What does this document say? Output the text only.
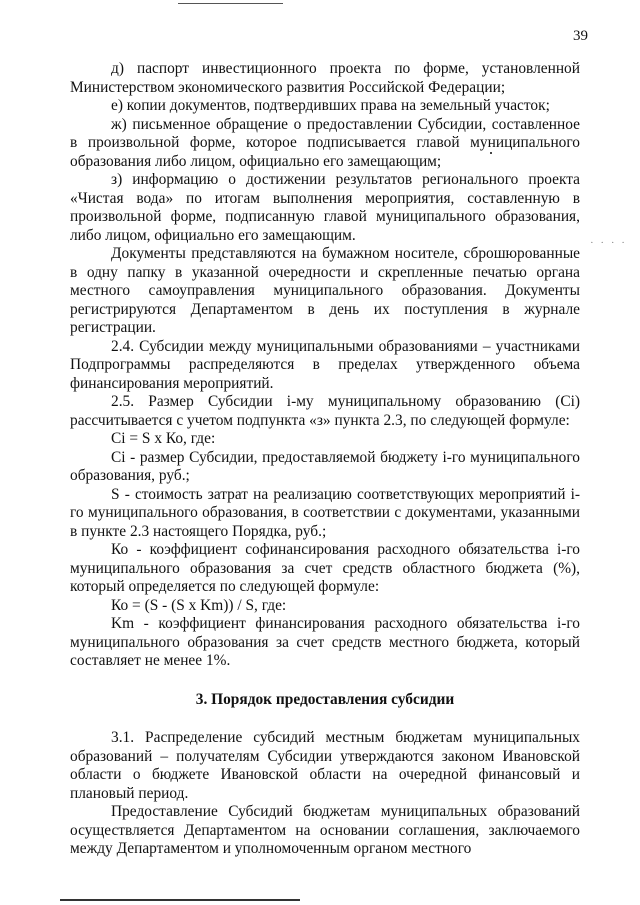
39
· · · ·

д) паспорт инвестиционного проекта по форме, установленной Министерством экономического развития Российской Федерации;

е) копии документов, подтвердивших права на земельный участок;

ж) письменное обращение о предоставлении Субсидии, составленное в произвольной форме, которое подписывается главой муниципального образования либо лицом, официально его замещающим;

з) информацию о достижении результатов регионального проекта «Чистая вода» по итогам выполнения мероприятия, составленную в произвольной форме, подписанную главой муниципального образования, либо лицом, официально его замещающим.

Документы представляются на бумажном носителе, сброшюрованные в одну папку в указанной очередности и скрепленные печатью органа местного самоуправления муниципального образования. Документы регистрируются Департаментом в день их поступления в журнале регистрации.

2.4. Субсидии между муниципальными образованиями – участниками Подпрограммы распределяются в пределах утвержденного объема финансирования мероприятий.

2.5. Размер Субсидии i-му муниципальному образованию (Ci) рассчитывается с учетом подпункта «з» пункта 2.3, по следующей формуле:

Ci = S x Ко, где:

Ci - размер Субсидии, предоставляемой бюджету i-го муниципального образования, руб.;

S - стоимость затрат на реализацию соответствующих мероприятий i-го муниципального образования, в соответствии с документами, указанными в пункте 2.3 настоящего Порядка, руб.;

Ко - коэффициент софинансирования расходного обязательства i-го муниципального образования за счет средств областного бюджета (%), который определяется по следующей формуле:

Ко = (S - (S x Km)) / S, где:

Km - коэффициент финансирования расходного обязательства i-го муниципального образования за счет средств местного бюджета, который составляет не менее 1%.

3. Порядок предоставления субсидии

3.1. Распределение субсидий местным бюджетам муниципальных образований – получателям Субсидии утверждаются законом Ивановской области о бюджете Ивановской области на очередной финансовый и плановый период.

Предоставление Субсидий бюджетам муниципальных образований осуществляется Департаментом на основании соглашения, заключаемого между Департаментом и уполномоченным органом местного
